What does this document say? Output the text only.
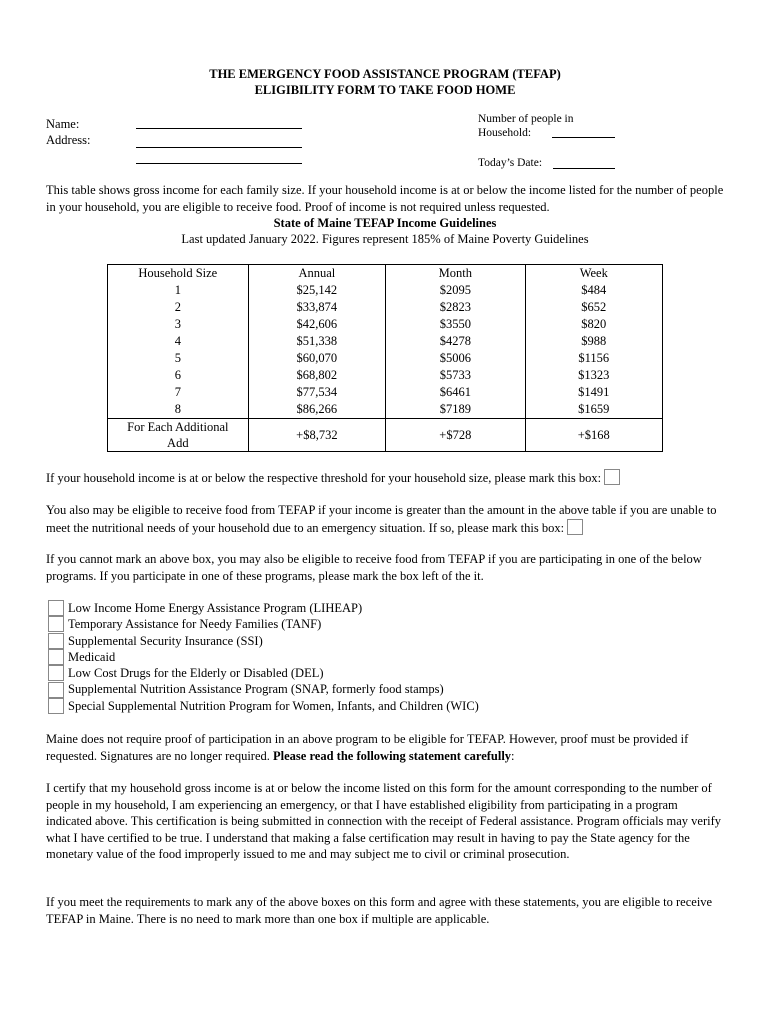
THE EMERGENCY FOOD ASSISTANCE PROGRAM (TEFAP)
ELIGIBILITY FORM TO TAKE FOOD HOME
Name:
Address:
Number of people in
Household:
Today’s Date:
This table shows gross income for each family size. If your household income is at or below the income listed for the number of people in your household, you are eligible to receive food. Proof of income is not required unless requested.
State of Maine TEFAP Income Guidelines
Last updated January 2022. Figures represent 185% of Maine Poverty Guidelines
Household Size	Annual	Month	Week
1	$25,142	$2095	$484
2	$33,874	$2823	$652
3	$42,606	$3550	$820
4	$51,338	$4278	$988
5	$60,070	$5006	$1156
6	$68,802	$5733	$1323
7	$77,534	$6461	$1491
8	$86,266	$7189	$1659
For Each Additional Add	+$8,732	+$728	+$168
If your household income is at or below the respective threshold for your household size, please mark this box:
You also may be eligible to receive food from TEFAP if your income is greater than the amount in the above table if you are unable to meet the nutritional needs of your household due to an emergency situation. If so, please mark this box:
If you cannot mark an above box, you may also be eligible to receive food from TEFAP if you are participating in one of the below programs. If you participate in one of these programs, please mark the box left of the it.
Low Income Home Energy Assistance Program (LIHEAP)
Temporary Assistance for Needy Families (TANF)
Supplemental Security Insurance (SSI)
Medicaid
Low Cost Drugs for the Elderly or Disabled (DEL)
Supplemental Nutrition Assistance Program (SNAP, formerly food stamps)
Special Supplemental Nutrition Program for Women, Infants, and Children (WIC)
Maine does not require proof of participation in an above program to be eligible for TEFAP. However, proof must be provided if requested. Signatures are no longer required. Please read the following statement carefully:
I certify that my household gross income is at or below the income listed on this form for the amount corresponding to the number of people in my household, I am experiencing an emergency, or that I have established eligibility from participating in a program indicated above. This certification is being submitted in connection with the receipt of Federal assistance. Program officials may verify what I have certified to be true. I understand that making a false certification may result in having to pay the State agency for the monetary value of the food improperly issued to me and may subject me to civil or criminal prosecution.
If you meet the requirements to mark any of the above boxes on this form and agree with these statements, you are eligible to receive TEFAP in Maine. There is no need to mark more than one box if multiple are applicable.
